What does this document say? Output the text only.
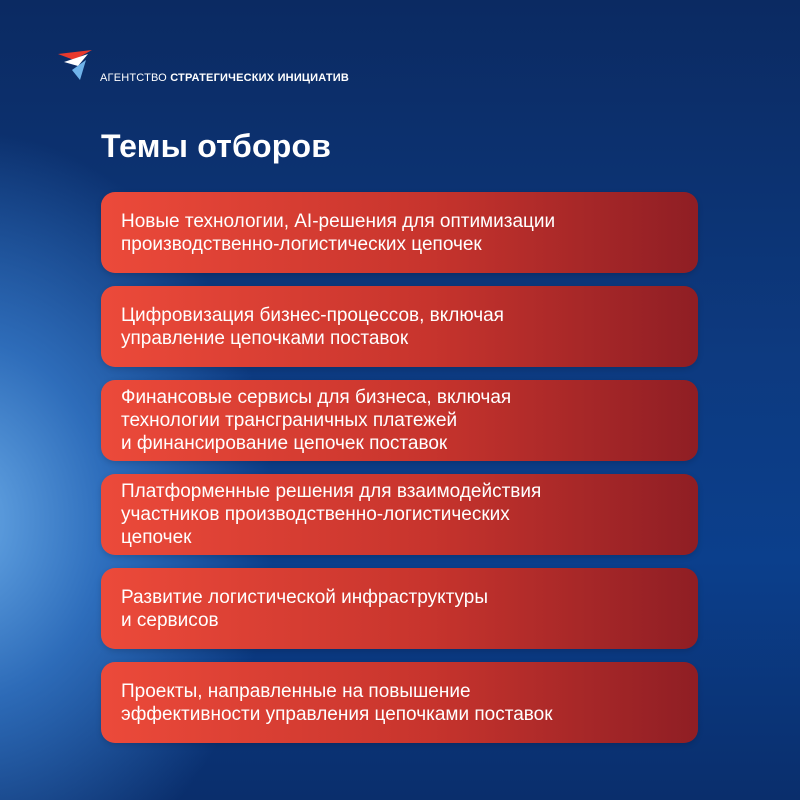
АГЕНТСТВО СТРАТЕГИЧЕСКИХ ИНИЦИАТИВ
Темы отборов
Новые технологии, AI-решения для оптимизации
производственно-логистических цепочек
Цифровизация бизнес-процессов, включая
управление цепочками поставок
Финансовые сервисы для бизнеса, включая
технологии трансграничных платежей
и финансирование цепочек поставок
Платформенные решения для взаимодействия
участников производственно-логистических
цепочек
Развитие логистической инфраструктуры
и сервисов
Проекты, направленные на повышение
эффективности управления цепочками поставок
